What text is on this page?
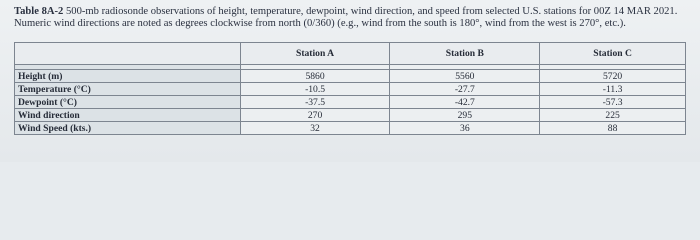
Table 8A-2 500-mb radiosonde observations of height, temperature, dewpoint, wind direction, and speed from selected U.S. stations for 00Z 14 MAR 2021. Numeric wind directions are noted as degrees clockwise from north (0/360) (e.g., wind from the south is 180°, wind from the west is 270°, etc.).
	Station A	Station B	Station C

Height (m)	5860	5560	5720
Temperature (°C)	-10.5	-27.7	-11.3
Dewpoint (°C)	-37.5	-42.7	-57.3
Wind direction	270	295	225
Wind Speed (kts.)	32	36	88
